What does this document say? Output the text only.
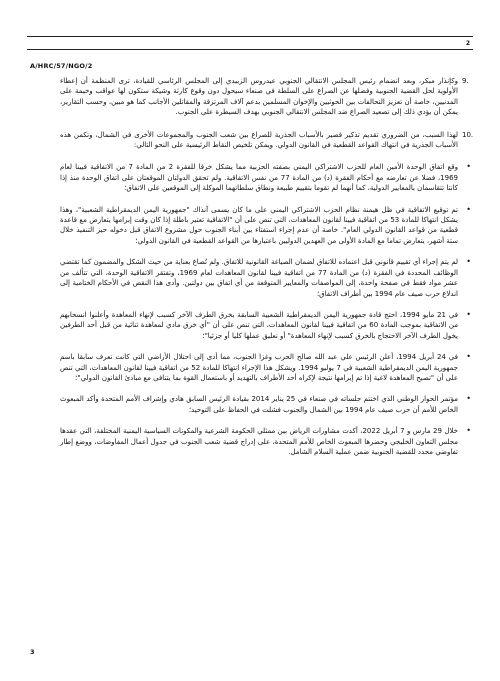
2
A/HRC/57/NGO/2
9.
وكإنذار مبكر، وبعد انضمام رئيس المجلس الانتقالي الجنوبي عيدروس الزبيدي إلى المجلس الرئاسي للقيادة، ترى المنظمة أن إعطاء الأولوية لحل القضية الجنوبية وفصلها عن الصراع على السلطة في صنعاء سيحول دون وقوع كارثة وشيكة ستكون لها عواقب وخيمة على المدنيين، خاصة أن تعزيز التحالفات بين الحوثيين والإخوان المسلمين بدعم آلاف المرتزقة والمقاتلين الأجانب كما هو مبين، وحسب التقارير، يمكن أن يؤدي ذلك إلى تصعيد الصراع ضد المجلس الانتقالي الجنوبي بهدف السيطرة على الجنوب.
10.
لهذا السبب، من الضروري تقديم تذكير قصير بالأسباب الجذرية للصراع بين شعب الجنوب والمجموعات الأخرى في الشمال، وتكمن هذه الأسباب الجذرية في انتهاك القواعد القطعية في القانون الدولي. ويمكن تلخيص النقاط الرئيسية على النحو التالي:
•
وقع اتفاق الوحدة الأمين العام للحزب الاشتراكي اليمني بصفته الحزبية مما يشكل خرقا للفقرة 2 من المادة 7 من الاتفاقية فيينا لعام 1969، فضلا عن تعارضه مع أحكام الفقرة (د) من المادة 77 من نفس الاتفاقية. ولم تحقق الدولتان الموقعتان على اتفاق الوحدة منذ إذا كانتا تتقاسمان بالمعايير الدولية، كما أنهما لم تقوما بتقييم طبيعة ونطاق سلطاتهما الموكلة إلى الموقعين على الاتفاق؛
•
تم توقيع الاتفاقية في ظل هيمنة نظام الحزب الاشتراكي اليمني على ما كان يسمى آنذاك "جمهورية اليمن الديمقراطية الشعبية"، وهذا يشكل انتهاكا للمادة 53 من اتفاقية فيينا لقانون المعاهدات، التي تنص على أن "الاتفاقية تعتبر باطلة إذا كان وقت إبرامها يتعارض مع قاعدة قطعية من قواعد القانون الدولي العام". خاصة أن عدم إجراء استفتاء بين أبناء الجنوب حول مشروع الاتفاق قبل دخوله حيز التنفيذ خلال ستة أشهر، يتعارض تماما مع المادة الأولى من العهدين الدوليين باعتبارها من القواعد القطعية في القانون الدولي؛
•
لم يتم إجراء أي تقييم قانوني قبل اعتماده للاتفاق لضمان الصياغة القانونية للاتفاق. ولم تُصاغ بعناية من حيث الشكل والمضمون كما تقتضي الوظائف المحددة في الفقرة (د) من المادة 77 من اتفاقية فيينا لقانون المعاهدات لعام 1969، وتفتقر الاتفاقية الوحدة، التي تتألف من عشر مواد فقط في صفحة واحدة، إلى المواصفات والمعايير المتوقعة من أي اتفاق بين دولتين. وأدى هذا النقص في الأحكام الختامية إلى اندلاع حرب صيف عام 1994 بين أطراف الاتفاق؛
•
في 21 مايو 1994، احتج قادة جمهورية اليمن الديمقراطية الشعبية السابقة بخرق الطرف الآخر كسبب لإنهاء المعاهدة وأعلنوا انسحابهم من الاتفاقية بموجب المادة 60 من اتفاقية فيينا لقانون المعاهدات، التي تنص على أن "أي خرق مادي لمعاهدة ثنائية من قبل أحد الطرفين يخول الطرف الآخر الاحتجاج بالخرق كسبب لإنهاء المعاهدة" أو تعليق عملها كليا أو جزئيا"؛
•
في 24 أبريل 1994، أعلن الرئيس علي عبد الله صالح الحرب وغزا الجنوب، مما أدى إلى احتلال الأراضي التي كانت تعرف سابقا باسم جمهورية اليمن الديمقراطية الشعبية في 7 يوليو 1994. ويشكل هذا الإجراء انتهاكا للمادة 52 من اتفاقية فيينا لقانون المعاهدات، التي تنص على أن "تصبح المعاهدة لاغية إذا تم إبرامها نتيجة لإكراه أحد الأطراف بالتهديد أو باستعمال القوة بما يتنافى مع مبادئ القانون الدولي"؛
•
مؤتمر الحوار الوطني الذي اختتم جلساته في صنعاء في 25 يناير 2014 بقيادة الرئيس السابق هادي وإشراف الأمم المتحدة وأكد المبعوث الخاص للأمم أن حرب صيف عام 1994 بين الشمال والجنوب فشلت في الحفاظ على التوحيد؛
•
خلال 29 مارس و 7 أبريل 2022، أكدت مشاورات الرياض بين ممثلي الحكومة الشرعية والمكونات السياسية اليمنية المختلفة، التي عقدها مجلس التعاون الخليجي وحضرها المبعوث الخاص للأمم المتحدة، على إدراج قضية شعب الجنوب في جدول أعمال المفاوضات، ووضع إطار تفاوضي محدد للقضية الجنوبية ضمن عملية السلام الشامل.
3
